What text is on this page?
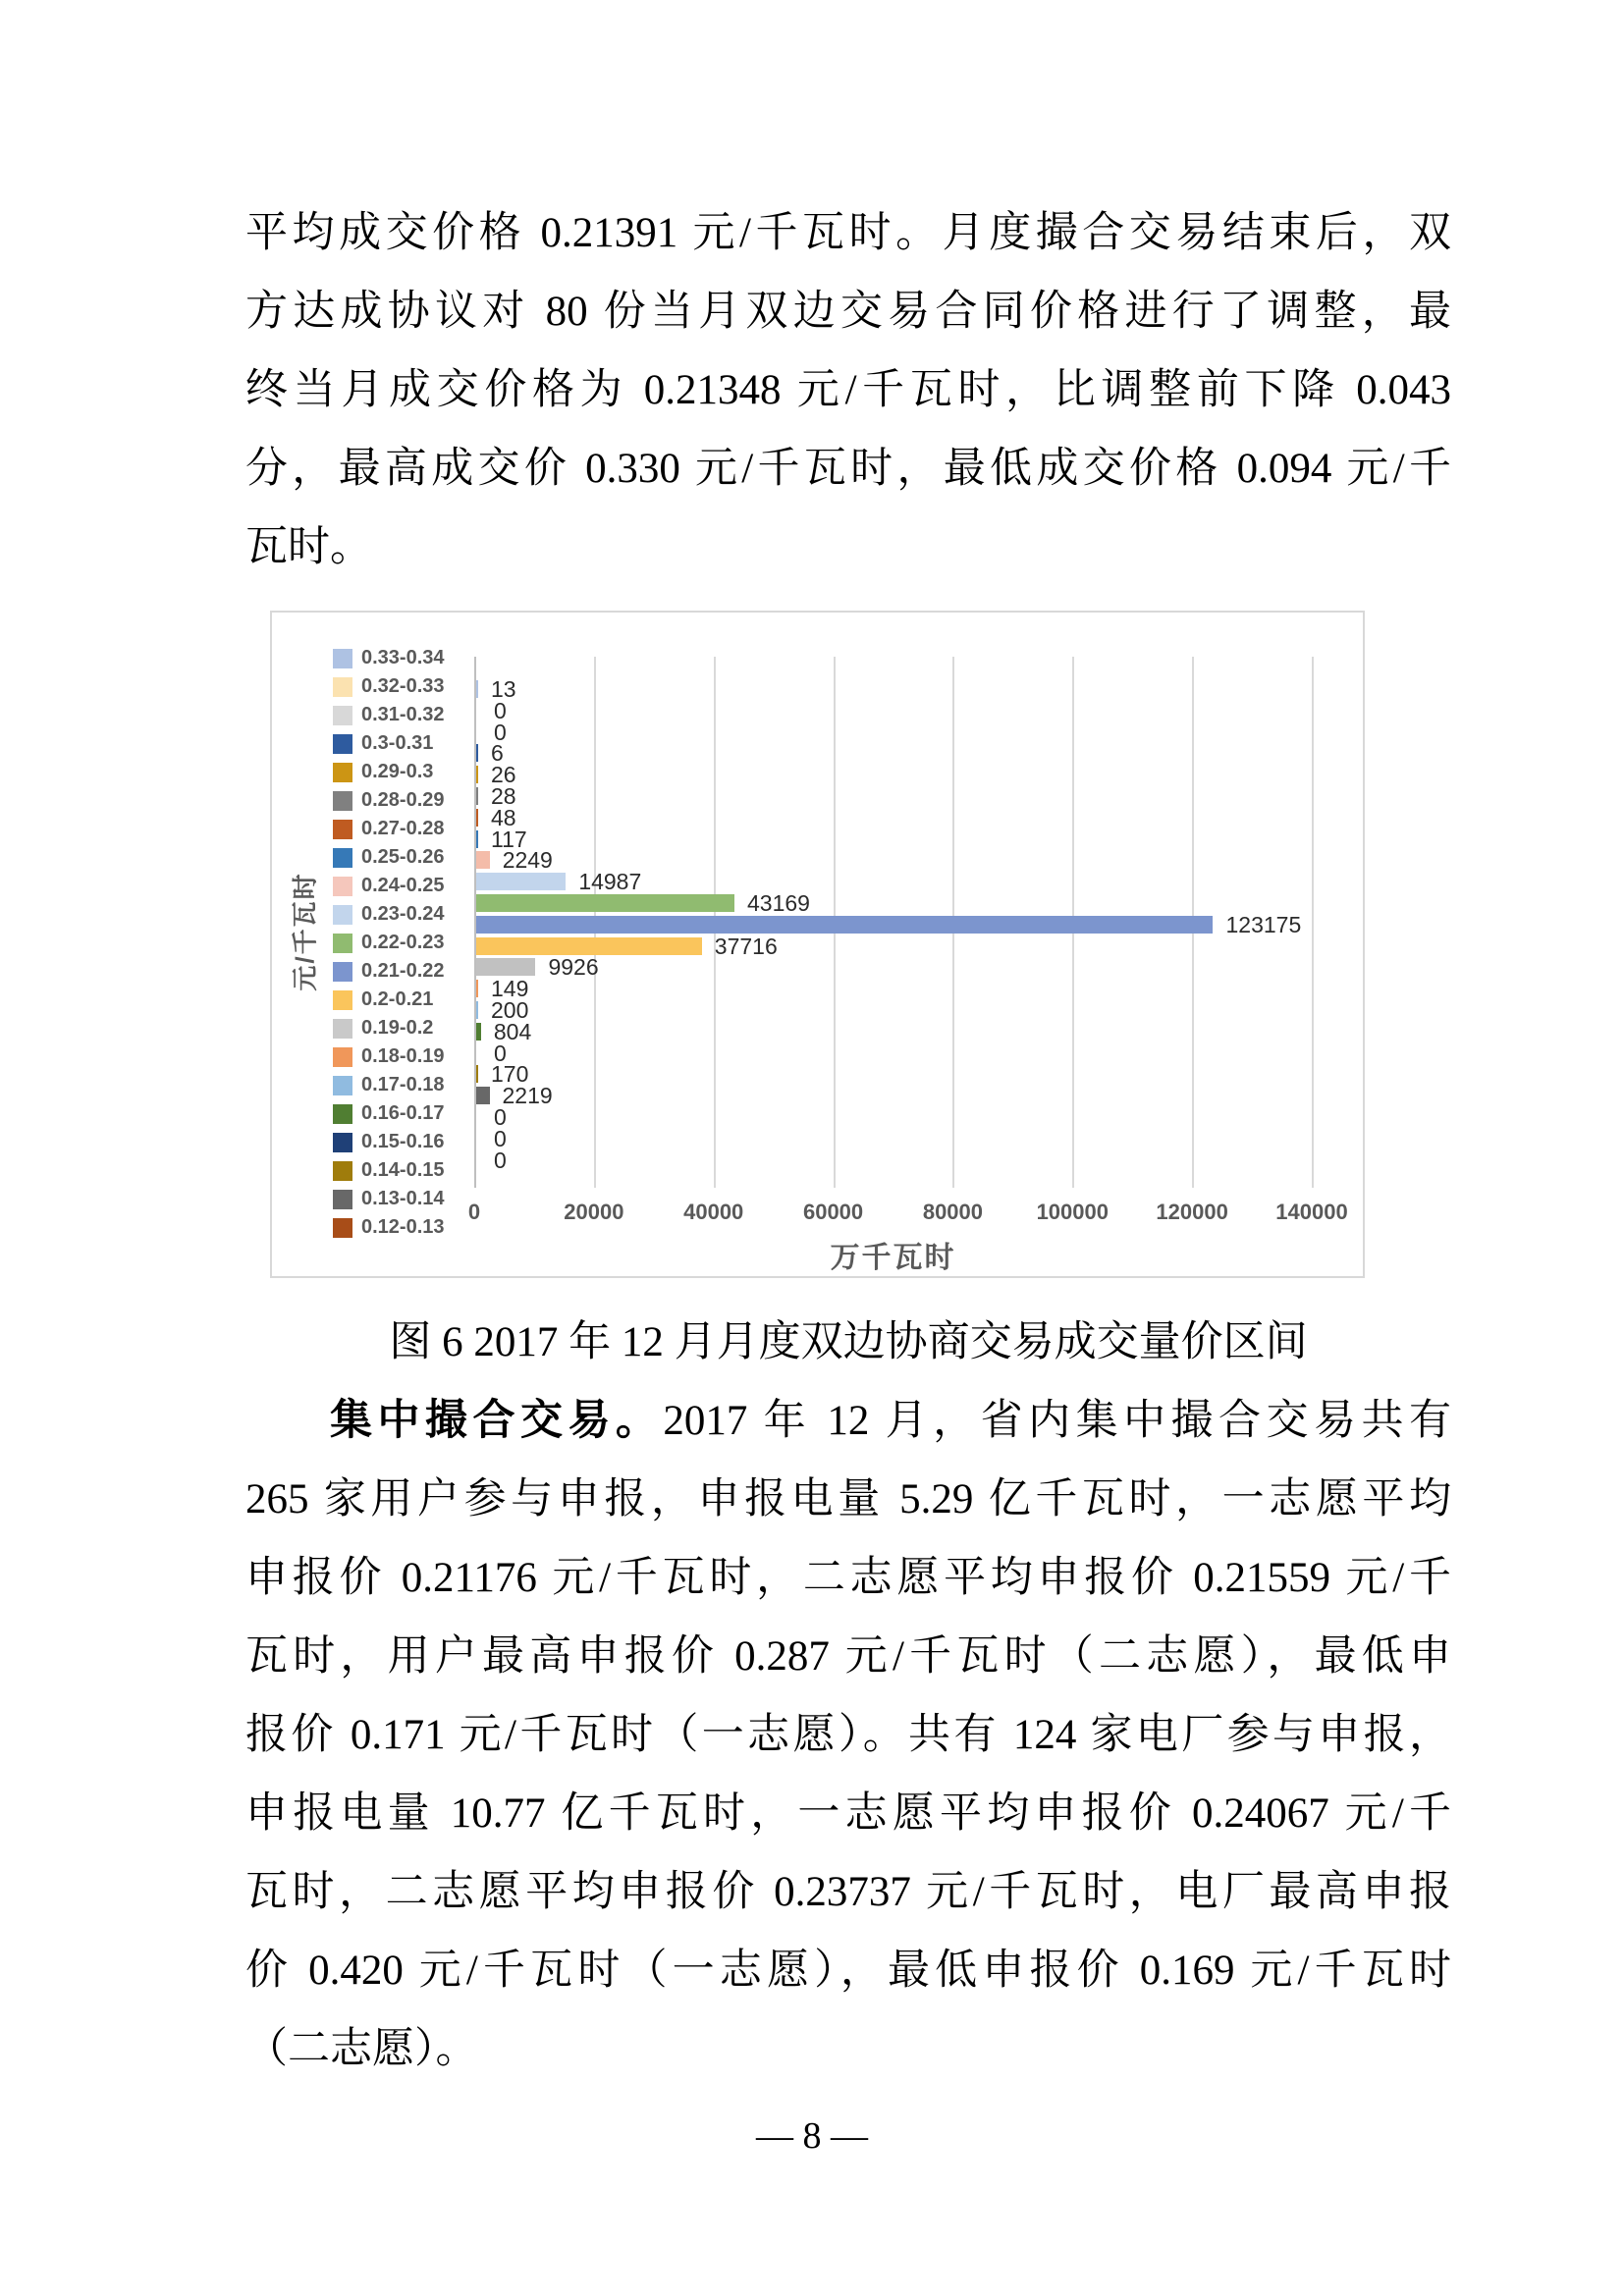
平均成交价格 0.21391 元/千瓦时。月度撮合交易结束后，双
方达成协议对 80 份当月双边交易合同价格进行了调整，最
终当月成交价格为 0.21348 元/千瓦时，比调整前下降 0.043
分，最高成交价 0.330 元/千瓦时，最低成交价格 0.094 元/千
瓦时。
元/千瓦时
0.33-0.34
0.32-0.33
0.31-0.32
0.3-0.31
0.29-0.3
0.28-0.29
0.27-0.28
0.25-0.26
0.24-0.25
0.23-0.24
0.22-0.23
0.21-0.22
0.2-0.21
0.19-0.2
0.18-0.19
0.17-0.18
0.16-0.17
0.15-0.16
0.14-0.15
0.13-0.14
0.12-0.13
13
0
0
6
26
28
48
117
2249
14987
43169
123175
37716
9926
149
200
804
0
170
2219
0
0
0
0	20000	40000	60000	80000	100000	120000	140000
万千瓦时
图 6 2017 年 12 月月度双边协商交易成交量价区间
集中撮合交易。2017 年 12 月，省内集中撮合交易共有
265 家用户参与申报，申报电量 5.29 亿千瓦时，一志愿平均
申报价 0.21176 元/千瓦时，二志愿平均申报价 0.21559 元/千
瓦时，用户最高申报价 0.287 元/千瓦时（二志愿），最低申
报价 0.171 元/千瓦时（一志愿）。共有 124 家电厂参与申报，
申报电量 10.77 亿千瓦时，一志愿平均申报价 0.24067 元/千
瓦时，二志愿平均申报价 0.23737 元/千瓦时，电厂最高申报
价 0.420 元/千瓦时（一志愿），最低申报价 0.169 元/千瓦时
（二志愿）。
— 8 —
